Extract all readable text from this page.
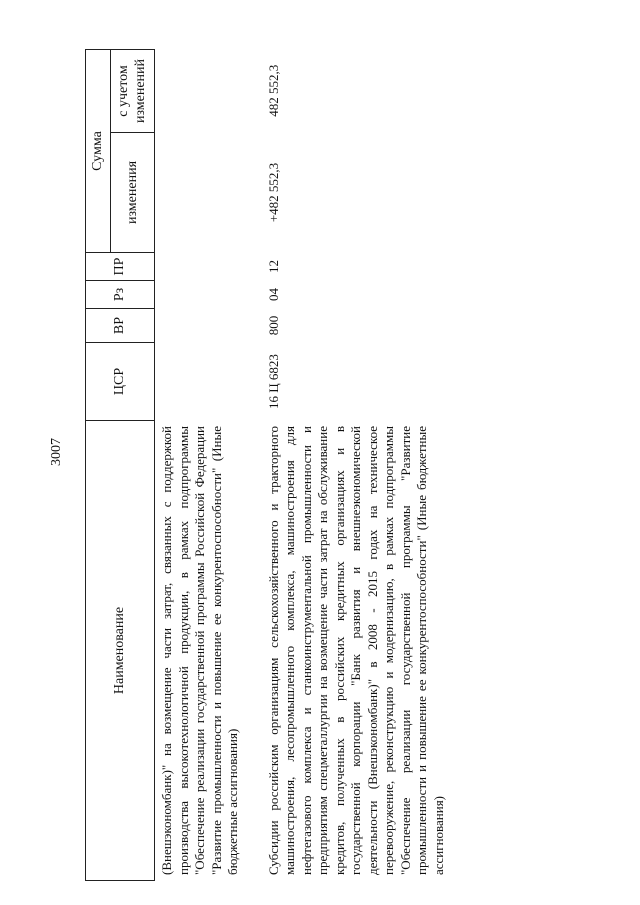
3007
Наименование	ЦСР	ВР	Рз	ПР	Сумма	
					изменения	с учетом изменений
(Внешэкономбанк)" на возмещение части затрат, связанных с поддержкой производства высокотехнологичной продукции, в рамках подпрограммы "Обеспечение реализации государственной программы Российской Федерации "Развитие промышленности и повышение ее конкурентоспособности" (Иные бюджетные ассигнования)						

Субсидии российским организациям сельскохозяйственного и тракторного машиностроения, лесопромышленного комплекса, машиностроения для нефтегазового комплекса и станкоинструментальной промышленности и предприятиям спецметаллургии на возмещение части затрат на обслуживание кредитов, полученных в российских кредитных организациях и в государственной корпорации "Банк развития и внешнеэкономической деятельности (Внешэкономбанк)" в 2008 - 2015 годах на техническое перевооружение, реконструкцию и модернизацию, в рамках подпрограммы "Обеспечение реализации государственной программы "Развитие промышленности и повышение ее конкурентоспособности" (Иные бюджетные ассигнования)	16 Ц 6823	800	04	12	+482 552,3	482 552,3
